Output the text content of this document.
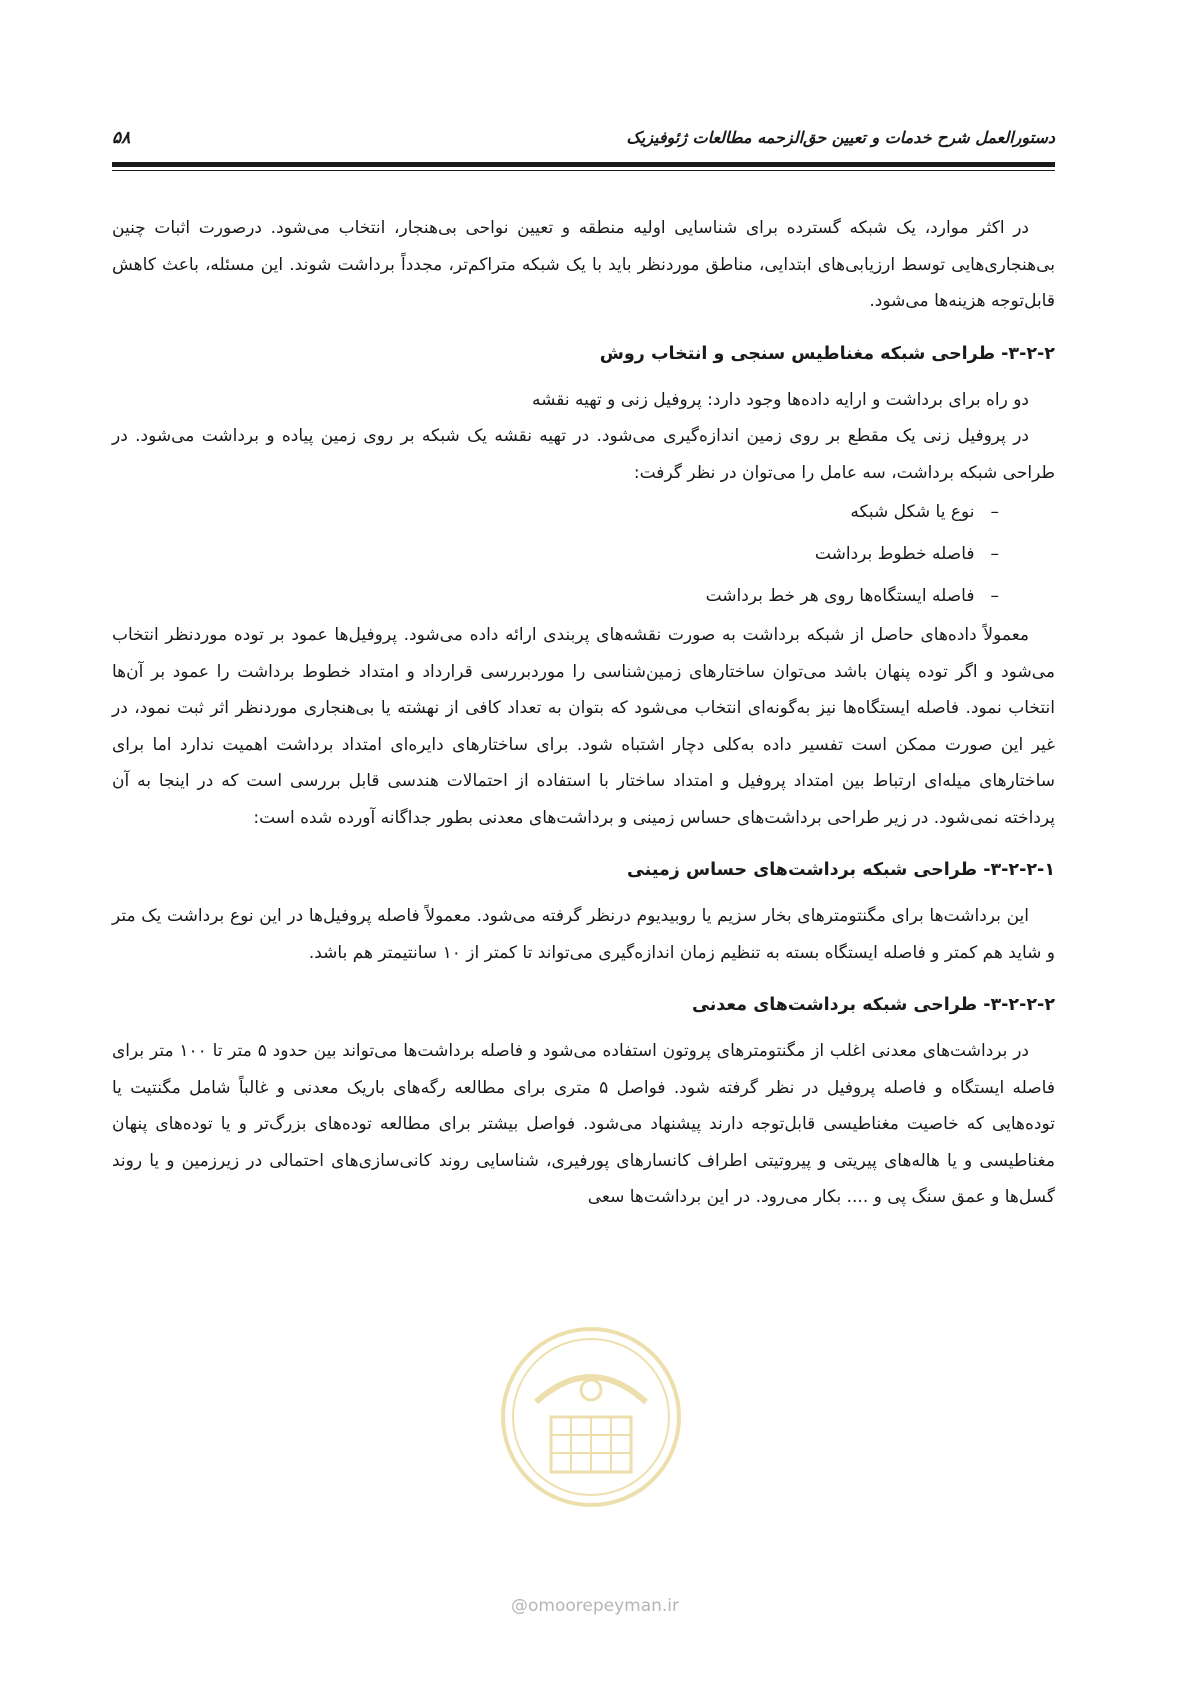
دستورالعمل شرح خدمات و تعیین حق‌الزحمه مطالعات ژئوفیزیک
۵۸

در اکثر موارد، یک شبکه گسترده برای شناسایی اولیه منطقه و تعیین نواحی بی‌هنجار، انتخاب می‌شود. درصورت اثبات چنین بی‌هنجاری‌هایی توسط ارزیابی‌های ابتدایی، مناطق موردنظر باید با یک شبکه متراکم‌تر، مجدداً برداشت شوند. این مسئله، باعث کاهش قابل‌توجه هزینه‌ها می‌شود.

۳-۲-۲- طراحی شبکه مغناطیس سنجی و انتخاب روش

دو راه برای برداشت و ارایه داده‌ها وجود دارد: پروفیل زنی و تهیه نقشه

در پروفیل زنی یک مقطع بر روی زمین اندازه‌گیری می‌شود. در تهیه نقشه یک شبکه بر روی زمین پیاده و برداشت می‌شود. در طراحی شبکه برداشت، سه عامل را می‌توان در نظر گرفت:

–نوع یا شکل شبکه
–فاصله خطوط برداشت
–فاصله ایستگاه‌ها روی هر خط برداشت

معمولاً داده‌های حاصل از شبکه برداشت به صورت نقشه‌های پربندی ارائه داده می‌شود. پروفیل‌ها عمود بر توده موردنظر انتخاب می‌شود و اگر توده پنهان باشد می‌توان ساختارهای زمین‌شناسی را موردبررسی قرارداد و امتداد خطوط برداشت را عمود بر آن‌ها انتخاب نمود. فاصله ایستگاه‌ها نیز به‌گونه‌ای انتخاب می‌شود که بتوان به تعداد کافی از نهشته یا بی‌هنجاری موردنظر اثر ثبت نمود، در غیر این صورت ممکن است تفسیر داده به‌کلی دچار اشتباه شود. برای ساختارهای دایره‌ای امتداد برداشت اهمیت ندارد اما برای ساختارهای میله‌ای ارتباط بین امتداد پروفیل و امتداد ساختار با استفاده از احتمالات هندسی قابل بررسی است که در اینجا به آن پرداخته نمی‌شود. در زیر طراحی برداشت‌های حساس زمینی و برداشت‌های معدنی بطور جداگانه آورده شده است:

۳-۲-۲-۱- طراحی شبکه برداشت‌های حساس زمینی

این برداشت‌ها برای مگنتومترهای بخار سزیم یا روبیدیوم درنظر گرفته می‌شود. معمولاً فاصله پروفیل‌ها در این نوع برداشت یک متر و شاید هم کمتر و فاصله ایستگاه بسته به تنظیم زمان اندازه‌گیری می‌تواند تا کمتر از ۱۰ سانتیمتر هم باشد.

۳-۲-۲-۲- طراحی شبکه برداشت‌های معدنی

در برداشت‌های معدنی اغلب از مگنتومترهای پروتون استفاده می‌شود و فاصله برداشت‌ها می‌تواند بین حدود ۵ متر تا ۱۰۰ متر برای فاصله ایستگاه و فاصله پروفیل در نظر گرفته شود. فواصل ۵ متری برای مطالعه رگه‌های باریک معدنی و غالباً شامل مگنتیت یا توده‌هایی که خاصیت مغناطیسی قابل‌توجه دارند پیشنهاد می‌شود. فواصل بیشتر برای مطالعه توده‌های بزرگ‌تر و یا توده‌های پنهان مغناطیسی و یا هاله‌های پیریتی و پیروتیتی اطراف کانسارهای پورفیری، شناسایی روند کانی‌سازی‌های احتمالی در زیرزمین و یا روند گسل‌ها و عمق سنگ پی و .... بکار می‌رود. در این برداشت‌ها سعی

@omoorepeyman.ir
